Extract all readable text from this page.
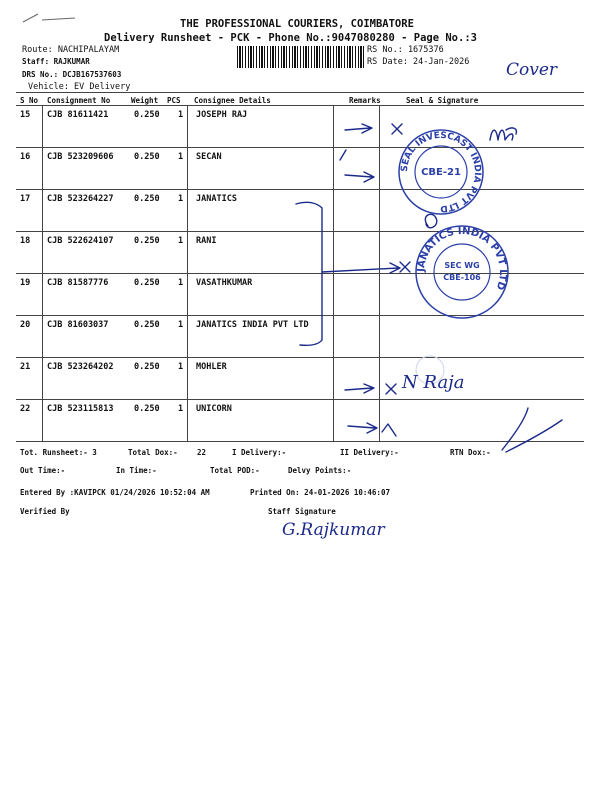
THE PROFESSIONAL COURIERS, COIMBATORE
Delivery Runsheet - PCK - Phone No.:9047080280 - Page No.:3
Route: NACHIPALAYAM
Staff: RAJKUMAR
DRS No.: DCJB167537603
Vehicle: EV Delivery
RS No.: 1675376
RS Date: 24-Jan-2026 Cover
S No Consignment No	Weight PCS Consignee Details	Remarks	Seal & Signature
15 CJB 81611421	0.250 1 JOSEPH RAJ
16 CJB 523209606 0.250 1 SECAN
17 CJB 523264227 0.250 1 JANATICS
18 CJB 522624107 0.250 1 RANI
19 CJB 81587776	0.250 1 VASATHKUMAR
20 CJB 81603037	0.250 1 JANATICS INDIA PVT LTD
21 CJB 523264202 0.250 1 MOHLER
22 CJB 523115813 0.250 1 UNICORN
SEAL INVESCAST INDIA PVT LTD
CBE-21
JANATICS INDIA PVT LTD
SEC WG
CBE-106
N Raja
Tot. Runsheet:- 3	Total Dox:-	22	I Delivery:-	II Delivery:-	RTN Dox:-
Out Time:-	In Time:-	Total POD:-	Delvy Points:-
Entered By :KAVIPCK 01/24/2026 10:52:04 AM	Printed On: 24-01-2026 10:46:07
Verified By	Staff Signature
G.Rajkumar
